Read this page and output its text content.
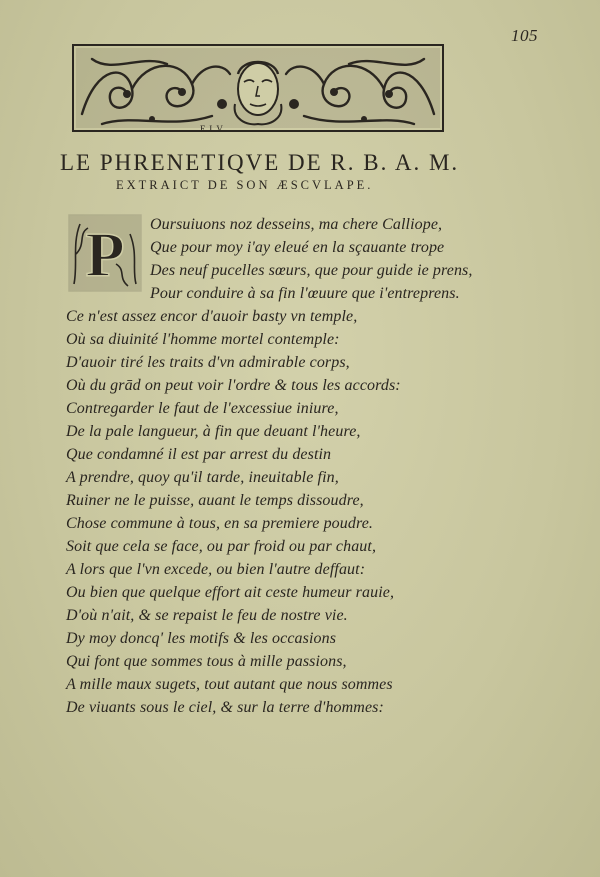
105
F I V.
LE PHRENETIQVE DE R. B. A. M.
EXTRAICT DE SON ÆSCVLAPE.
P Oursuiuons noz desseins, ma chere Calliope,
Que pour moy i'ay eleué en la sçauante trope
Des neuf pucelles sœurs, que pour guide ie prens,
Pour conduire à sa fin l'œuure que i'entreprens.
Ce n'est assez encor d'auoir basty vn temple,
Où sa diuinité l'homme mortel contemple:
D'auoir tiré les traits d'vn admirable corps,
Où du grād on peut voir l'ordre & tous les accords:
Contregarder le faut de l'excessiue iniure,
De la pale langueur, à fin que deuant l'heure,
Que condamné il est par arrest du destin
A prendre, quoy qu'il tarde, ineuitable fin,
Ruiner ne le puisse, auant le temps dissoudre,
Chose commune à tous, en sa premiere poudre.
Soit que cela se face, ou par froid ou par chaut,
A lors que l'vn excede, ou bien l'autre deffaut:
Ou bien que quelque effort ait ceste humeur rauie,
D'où n'ait, & se repaist le feu de nostre vie.
Dy moy doncq' les motifs & les occasions
Qui font que sommes tous à mille passions,
A mille maux sugets, tout autant que nous sommes
De viuants sous le ciel, & sur la terre d'hommes:
